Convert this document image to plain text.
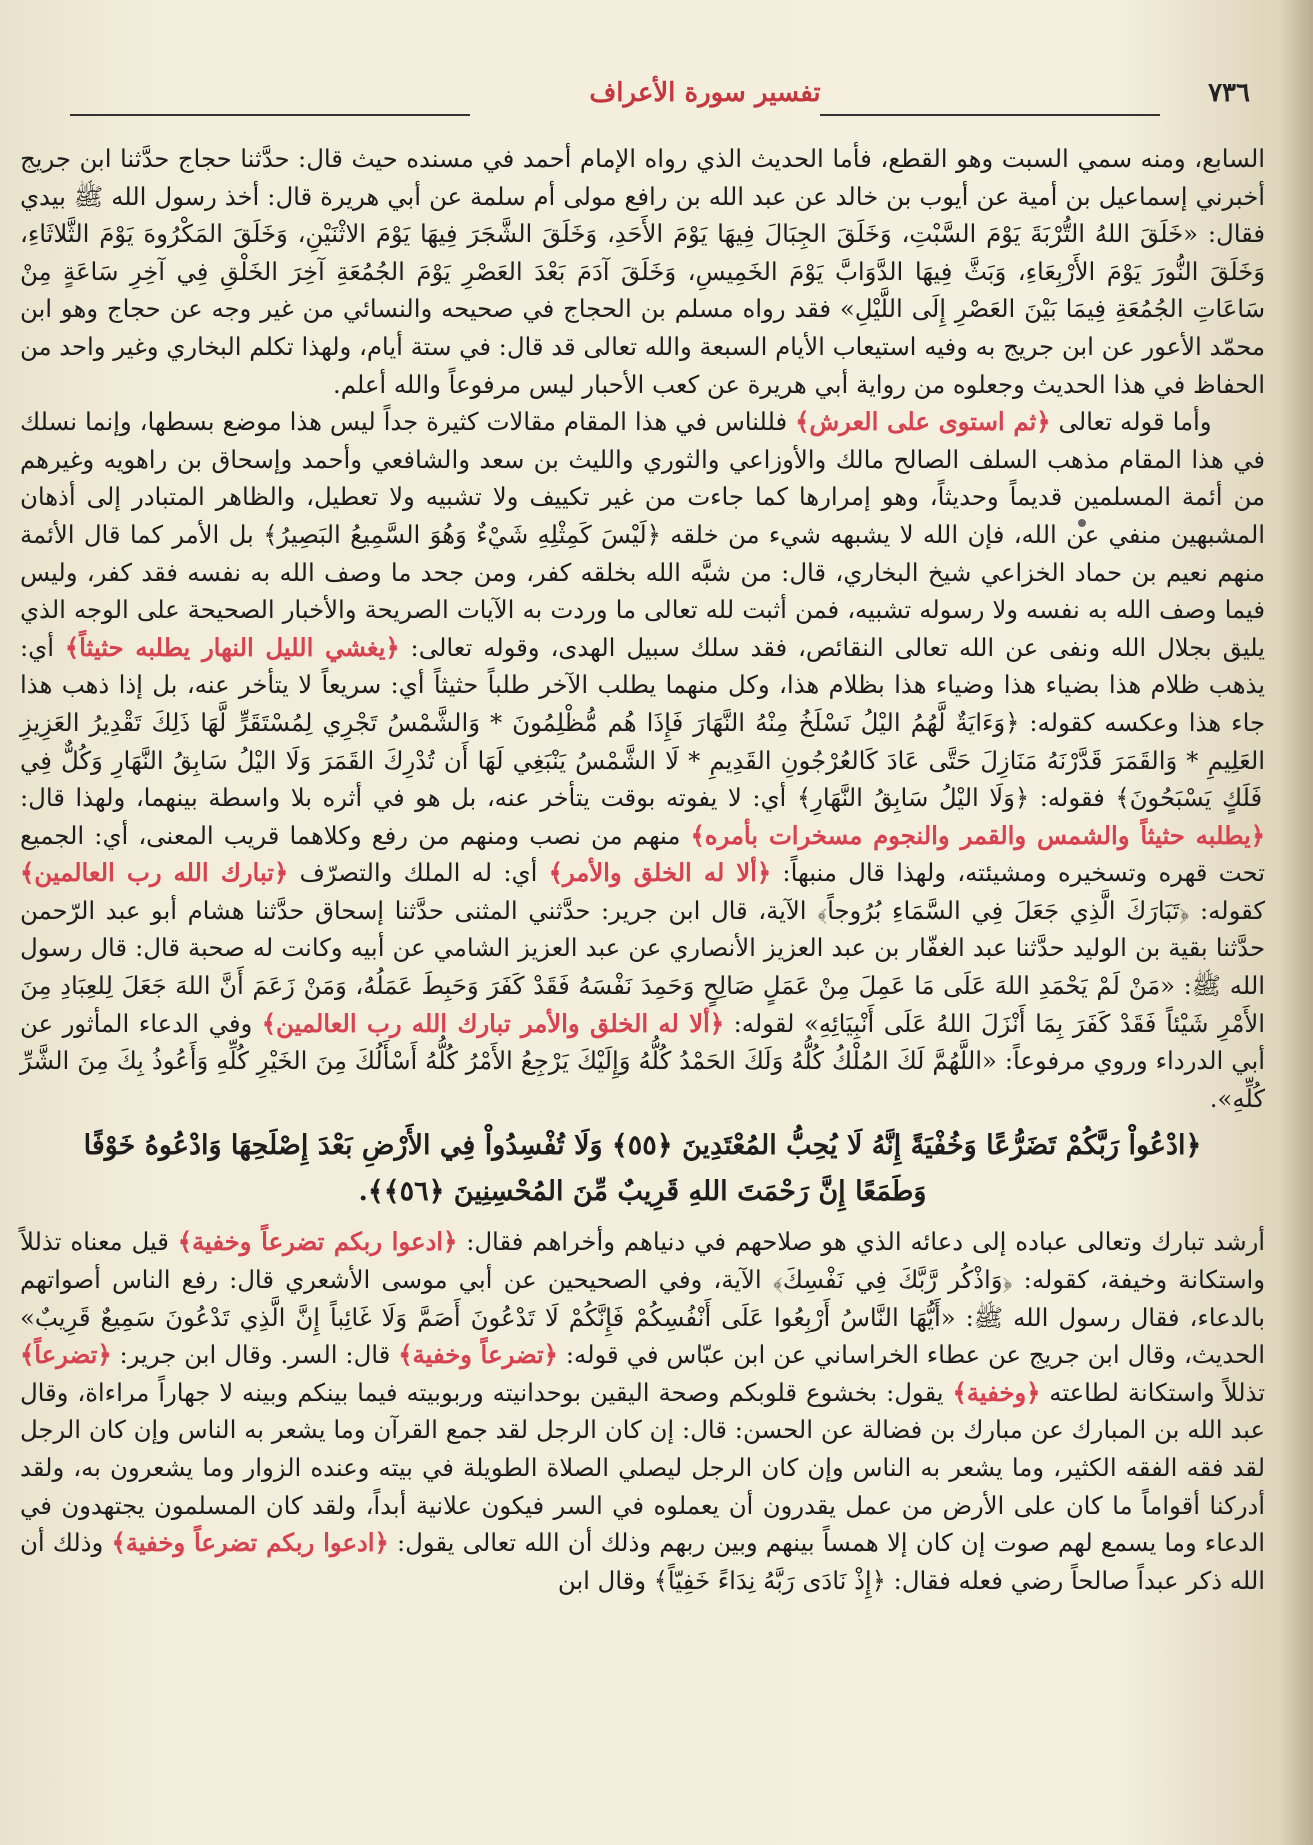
تفسير سورة الأعراف	٧٣٦

السابع، ومنه سمي السبت وهو القطع، فأما الحديث الذي رواه الإمام أحمد في مسنده حيث قال: حدَّثنا حجاج حدَّثنا ابن جريج أخبرني إسماعيل بن أمية عن أيوب بن خالد عن عبد الله بن رافع مولى أم سلمة عن أبي هريرة قال: أخذ رسول الله ﷺ بيدي فقال: «خَلَقَ اللهُ التُّرْبَةَ يَوْمَ السَّبْتِ، وَخَلَقَ الجِبَالَ فِيهَا يَوْمَ الأَحَدِ، وَخَلَقَ الشَّجَرَ فِيهَا يَوْمَ الاثْنَيْنِ، وَخَلَقَ المَكْرُوهَ يَوْمَ الثَّلاثَاءِ، وَخَلَقَ النُّورَ يَوْمَ الأَرْبِعَاءِ، وَبَثَّ فِيهَا الدَّوَابَّ يَوْمَ الخَمِيسِ، وَخَلَقَ آدَمَ بَعْدَ العَصْرِ يَوْمَ الجُمُعَةِ آخِرَ الخَلْقِ فِي آخِرِ سَاعَةٍ مِنْ سَاعَاتِ الجُمُعَةِ فِيمَا بَيْنَ العَصْرِ إِلَى اللَّيْلِ» فقد رواه مسلم بن الحجاج في صحيحه والنسائي من غير وجه عن حجاج وهو ابن محمّد الأعور عن ابن جريج به وفيه استيعاب الأيام السبعة والله تعالى قد قال: في ستة أيام، ولهذا تكلم البخاري وغير واحد من الحفاظ في هذا الحديث وجعلوه من رواية أبي هريرة عن كعب الأحبار ليس مرفوعاً والله أعلم.

وأما قوله تعالى ﴿ثم استوى على العرش﴾ فللناس في هذا المقام مقالات كثيرة جداً ليس هذا موضع بسطها، وإنما نسلك في هذا المقام مذهب السلف الصالح مالك والأوزاعي والثوري والليث بن سعد والشافعي وأحمد وإسحاق بن راهويه وغيرهم من أئمة المسلمين قديماً وحديثاً، وهو إمرارها كما جاءت من غير تكييف ولا تشبيه ولا تعطيل، والظاهر المتبادر إلى أذهان المشبهين منفي عن الله، فإن الله لا يشبهه شيء من خلقه ﴿لَيْسَ كَمِثْلِهِ شَيْءٌ وَهُوَ السَّمِيعُ البَصِيرُ﴾ بل الأمر كما قال الأئمة منهم نعيم بن حماد الخزاعي شيخ البخاري، قال: من شبَّه الله بخلقه كفر، ومن جحد ما وصف الله به نفسه فقد كفر، وليس فيما وصف الله به نفسه ولا رسوله تشبيه، فمن أثبت لله تعالى ما وردت به الآيات الصريحة والأخبار الصحيحة على الوجه الذي يليق بجلال الله ونفى عن الله تعالى النقائص، فقد سلك سبيل الهدى، وقوله تعالى: ﴿يغشي الليل النهار يطلبه حثيثاً﴾ أي: يذهب ظلام هذا بضياء هذا وضياء هذا بظلام هذا، وكل منهما يطلب الآخر طلباً حثيثاً أي: سريعاً لا يتأخر عنه، بل إذا ذهب هذا جاء هذا وعكسه كقوله: ﴿وَءَايَةٌ لَّهُمُ اليْلُ نَسْلَخُ مِنْهُ النَّهَارَ فَإِذَا هُم مُّظْلِمُونَ * وَالشَّمْسُ تَجْرِي لِمُسْتَقَرٍّ لَّهَا ذَلِكَ تَقْدِيرُ العَزِيزِ العَلِيمِ * وَالقَمَرَ قَدَّرْنَهُ مَنَازِلَ حَتَّى عَادَ كَالعُرْجُونِ القَدِيمِ * لَا الشَّمْسُ يَنْبَغِي لَهَا أَن تُدْرِكَ القَمَرَ وَلَا اليْلُ سَابِقُ النَّهَارِ وَكُلٌّ فِي فَلَكٍ يَسْبَحُونَ﴾ فقوله: ﴿وَلَا اليْلُ سَابِقُ النَّهَارِ﴾ أي: لا يفوته بوقت يتأخر عنه، بل هو في أثره بلا واسطة بينهما، ولهذا قال: ﴿يطلبه حثيثاً والشمس والقمر والنجوم مسخرات بأمره﴾ منهم من نصب ومنهم من رفع وكلاهما قريب المعنى، أي: الجميع تحت قهره وتسخيره ومشيئته، ولهذا قال منبهاً: ﴿ألا له الخلق والأمر﴾ أي: له الملك والتصرّف ﴿تبارك الله رب العالمين﴾ كقوله: ﴿تَبَارَكَ الَّذِي جَعَلَ فِي السَّمَاءِ بُرُوجاً﴾ الآية، قال ابن جرير: حدَّثني المثنى حدَّثنا إسحاق حدَّثنا هشام أبو عبد الرّحمن حدَّثنا بقية بن الوليد حدَّثنا عبد الغفّار بن عبد العزيز الأنصاري عن عبد العزيز الشامي عن أبيه وكانت له صحبة قال: قال رسول الله ﷺ: «مَنْ لَمْ يَحْمَدِ اللهَ عَلَى مَا عَمِلَ مِنْ عَمَلٍ صَالِحٍ وَحَمِدَ نَفْسَهُ فَقَدْ كَفَرَ وَحَبِطَ عَمَلُهُ، وَمَنْ زَعَمَ أَنَّ اللهَ جَعَلَ لِلعِبَادِ مِنَ الأَمْرِ شَيْئاً فَقَدْ كَفَرَ بِمَا أَنْزَلَ اللهُ عَلَى أَنْبِيَائِهِ» لقوله: ﴿ألا له الخلق والأمر تبارك الله رب العالمين﴾ وفي الدعاء المأثور عن أبي الدرداء وروي مرفوعاً: «اللَّهُمَّ لَكَ المُلْكُ كُلُّهُ وَلَكَ الحَمْدُ كُلُّهُ وَإِلَيْكَ يَرْجِعُ الأَمْرُ كُلُّهُ أَسْأَلُكَ مِنَ الخَيْرِ كُلِّهِ وَأَعُوذُ بِكَ مِنَ الشَّرِّ كُلِّهِ».

﴿ادْعُواْ رَبَّكُمْ تَضَرُّعًا وَخُفْيَةً إِنَّهُ لَا يُحِبُّ المُعْتَدِينَ ﴿٥٥﴾ وَلَا تُفْسِدُواْ فِي الأَرْضِ بَعْدَ إِصْلَحِهَا وَادْعُوهُ خَوْفًا وَطَمَعًا إِنَّ رَحْمَتَ اللهِ قَرِيبٌ مِّنَ المُحْسِنِينَ ﴿٥٦﴾﴾.

أرشد تبارك وتعالى عباده إلى دعائه الذي هو صلاحهم في دنياهم وأخراهم فقال: ﴿ادعوا ربكم تضرعاً وخفية﴾ قيل معناه تذللاً واستكانة وخيفة، كقوله: ﴿وَاذْكُر رَّبَّكَ فِي نَفْسِكَ﴾ الآية، وفي الصحيحين عن أبي موسى الأشعري قال: رفع الناس أصواتهم بالدعاء، فقال رسول الله ﷺ: «أَيُّهَا النَّاسُ أَرْبِعُوا عَلَى أَنْفُسِكُمْ فَإِنَّكُمْ لَا تَدْعُونَ أَصَمَّ وَلَا غَائِباً إِنَّ الَّذِي تَدْعُونَ سَمِيعٌ قَرِيبٌ» الحديث، وقال ابن جريج عن عطاء الخراساني عن ابن عبّاس في قوله: ﴿تضرعاً وخفية﴾ قال: السر. وقال ابن جرير: ﴿تضرعاً﴾ تذللاً واستكانة لطاعته ﴿وخفية﴾ يقول: بخشوع قلوبكم وصحة اليقين بوحدانيته وربوبيته فيما بينكم وبينه لا جهاراً مراءاة، وقال عبد الله بن المبارك عن مبارك بن فضالة عن الحسن: قال: إن كان الرجل لقد جمع القرآن وما يشعر به الناس وإن كان الرجل لقد فقه الفقه الكثير، وما يشعر به الناس وإن كان الرجل ليصلي الصلاة الطويلة في بيته وعنده الزوار وما يشعرون به، ولقد أدركنا أقواماً ما كان على الأرض من عمل يقدرون أن يعملوه في السر فيكون علانية أبداً، ولقد كان المسلمون يجتهدون في الدعاء وما يسمع لهم صوت إن كان إلا همساً بينهم وبين ربهم وذلك أن الله تعالى يقول: ﴿ادعوا ربكم تضرعاً وخفية﴾ وذلك أن الله ذكر عبداً صالحاً رضي فعله فقال: ﴿إِذْ نَادَى رَبَّهُ نِدَاءً خَفِيّاً﴾ وقال ابن
